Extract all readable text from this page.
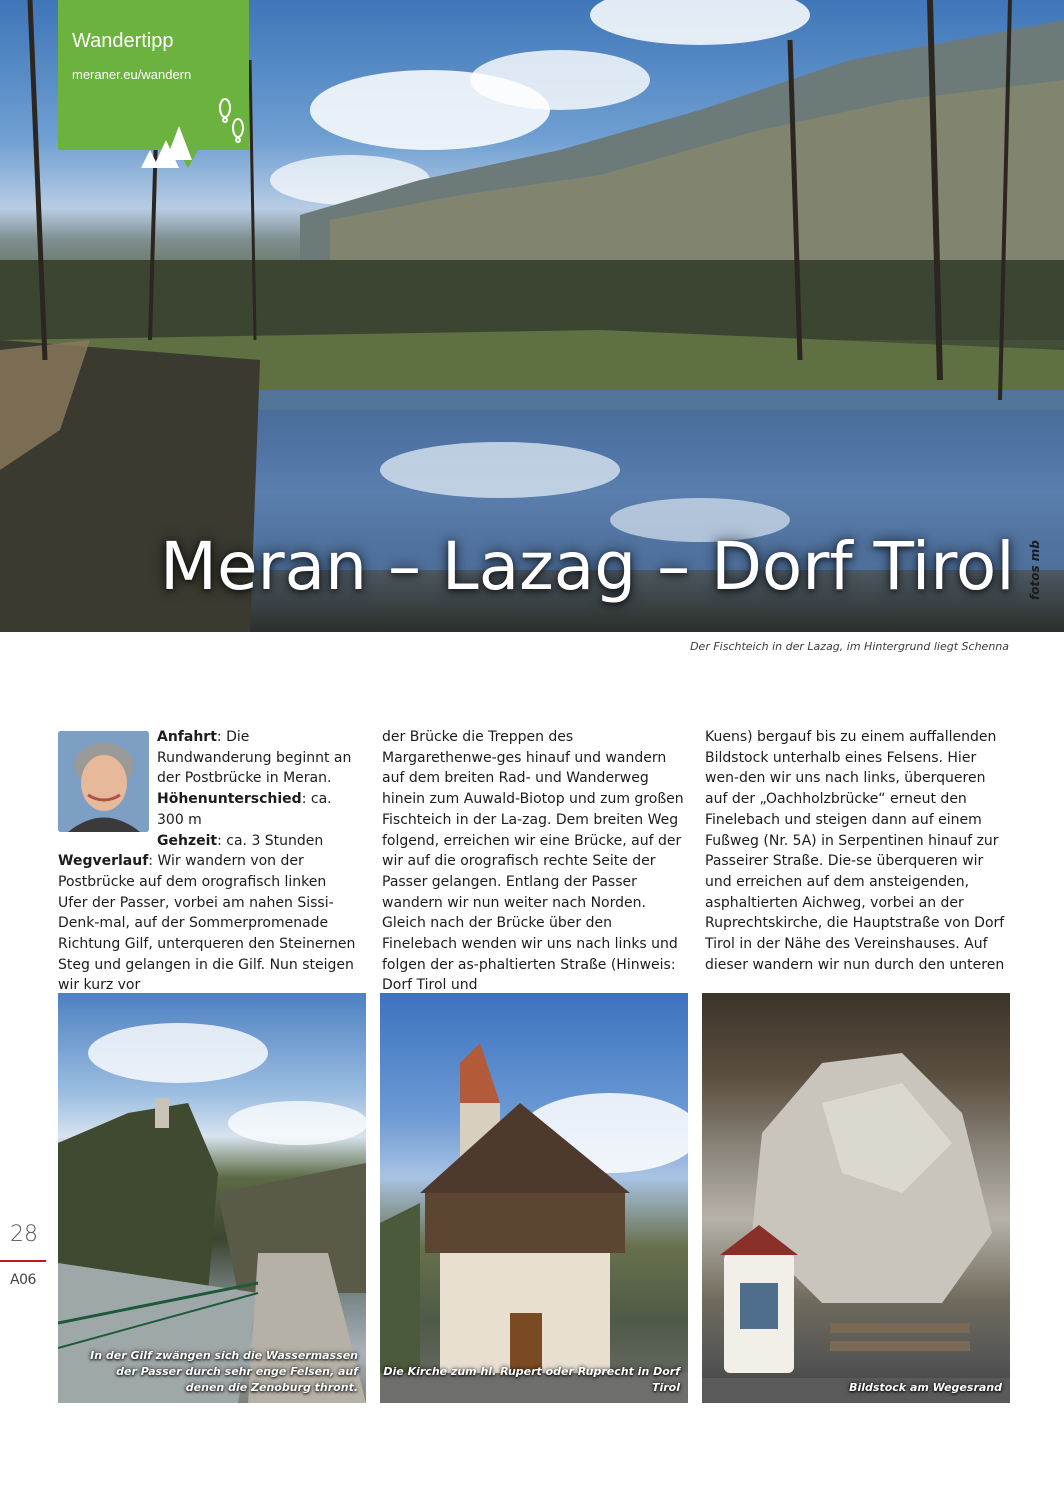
Wandertipp
meraner.eu/wandern
Meran – Lazag – Dorf Tirol	fotos mb
Der Fischteich in der Lazag, im Hintergrund liegt Schenna

Anfahrt: Die Rundwanderung beginnt an der Postbrücke in Meran.
Höhenunterschied: ca. 300 m
Gehzeit: ca. 3 Stunden
Wegverlauf: Wir wandern von der Postbrücke auf dem orografisch linken Ufer der Passer, vorbei am nahen Sissi-Denk-mal, auf der Sommerpromenade Richtung Gilf, unterqueren den Steinernen Steg und gelangen in die Gilf. Nun steigen wir kurz vor

der Brücke die Treppen des Margarethenwe-ges hinauf und wandern auf dem breiten Rad- und Wanderweg hinein zum Auwald-Biotop und zum großen Fischteich in der La-zag. Dem breiten Weg folgend, erreichen wir eine Brücke, auf der wir auf die orografisch rechte Seite der Passer gelangen. Entlang der Passer wandern wir nun weiter nach Norden. Gleich nach der Brücke über den Finelebach wenden wir uns nach links und folgen der as-phaltierten Straße (Hinweis: Dorf Tirol und

Kuens) bergauf bis zu einem auffallenden Bildstock unterhalb eines Felsens. Hier wen-den wir uns nach links, überqueren auf der „Oachholzbrücke“ erneut den Finelebach und steigen dann auf einem Fußweg (Nr. 5A) in Serpentinen hinauf zur Passeirer Straße. Die-se überqueren wir und erreichen auf dem ansteigenden, asphaltierten Aichweg, vorbei an der Ruprechtskirche, die Hauptstraße von Dorf Tirol in der Nähe des Vereinshauses. Auf dieser wandern wir nun durch den unteren

In der Gilf zwängen sich die Wassermassen der Passer durch sehr enge Felsen, auf denen die Zenoburg thront.
Die Kirche zum hl. Rupert oder Ruprecht in Dorf Tirol	Bildstock am Wegesrand
28
A06
